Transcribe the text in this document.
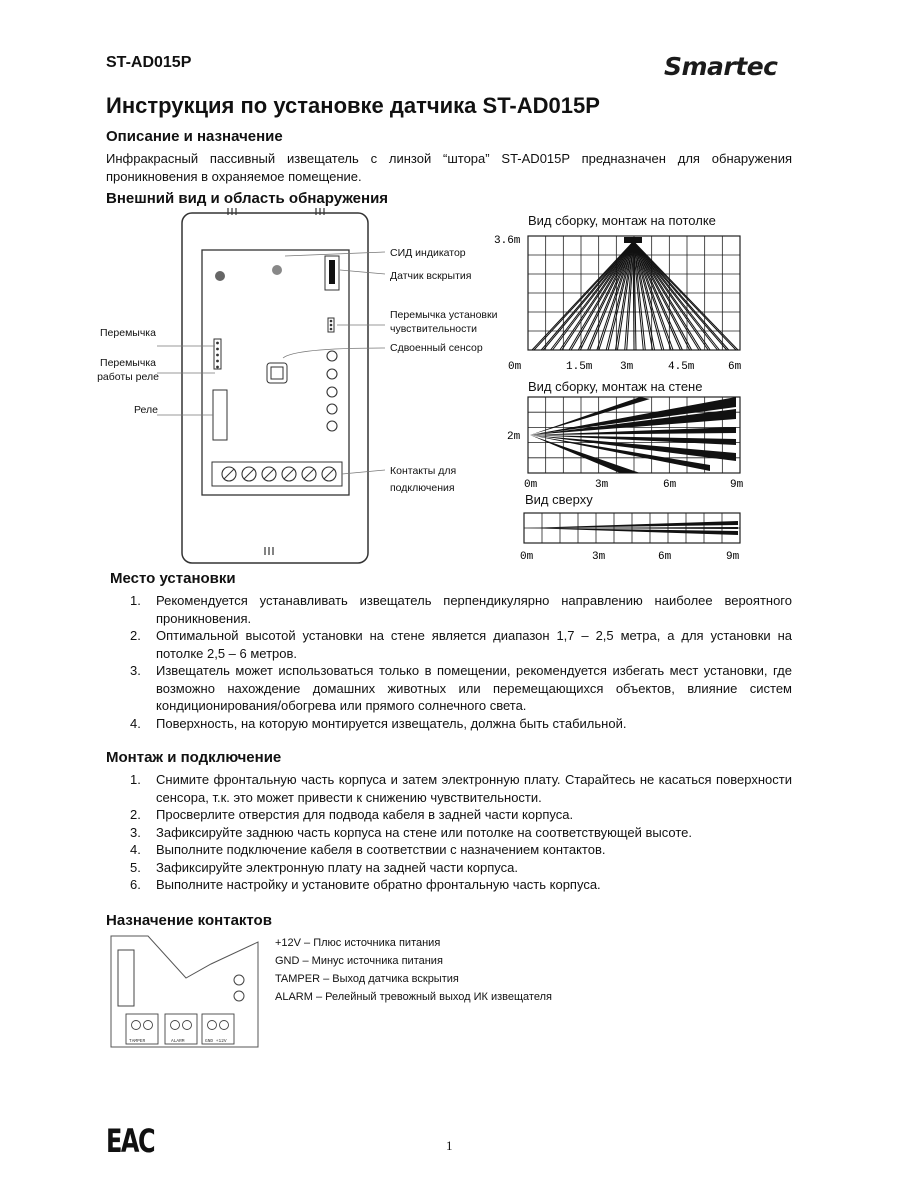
ST-AD015P	Smartec
Инструкция по установке датчика ST-AD015P
Описание и назначение
Инфракрасный пассивный извещатель с линзой “штора” ST-AD015P предназначен для обнаружения проникновения в охраняемое помещение.
Внешний вид и область обнаружения
СИД индикатор
Датчик вскрытия
Перемычка установки чувствительности
Сдвоенный сенсор
Перемычка
Перемычка работы реле
Реле
Контакты для подключения
Вид сборку, монтаж на потолке
3.6m
0m	1.5m	3m	4.5m	6m
Вид сборку, монтаж на стене
2m
0m	3m	6m	9m
Вид сверху
0m	3m	6m	9m
Место установки
1. Рекомендуется устанавливать извещатель перпендикулярно направлению наиболее вероятного проникновения.
2. Оптимальной высотой установки на стене является диапазон 1,7 – 2,5 метра, а для установки на потолке 2,5 – 6 метров.
3. Извещатель может использоваться только в помещении, рекомендуется избегать мест установки, где возможно нахождение домашних животных или перемещающихся объектов, влияние систем кондиционирования/обогрева или прямого солнечного света.
4. Поверхность, на которую монтируется извещатель, должна быть стабильной.
Монтаж и подключение
1. Снимите фронтальную часть корпуса и затем электронную плату. Старайтесь не касаться поверхности сенсора, т.к. это может привести к снижению чувствительности.
2. Просверлите отверстия для подвода кабеля в задней части корпуса.
3. Зафиксируйте заднюю часть корпуса на стене или потолке на соответствующей высоте.
4. Выполните подключение кабеля в соответствии с назначением контактов.
5. Зафиксируйте электронную плату на задней части корпуса.
6. Выполните настройку и установите обратно фронтальную часть корпуса.
Назначение контактов
TAMPER	ALARM	GND +12V
+12V – Плюс источника питания
GND – Минус источника питания
TAMPER – Выход датчика вскрытия
ALARM – Релейный тревожный выход ИК извещателя
EAC	1
